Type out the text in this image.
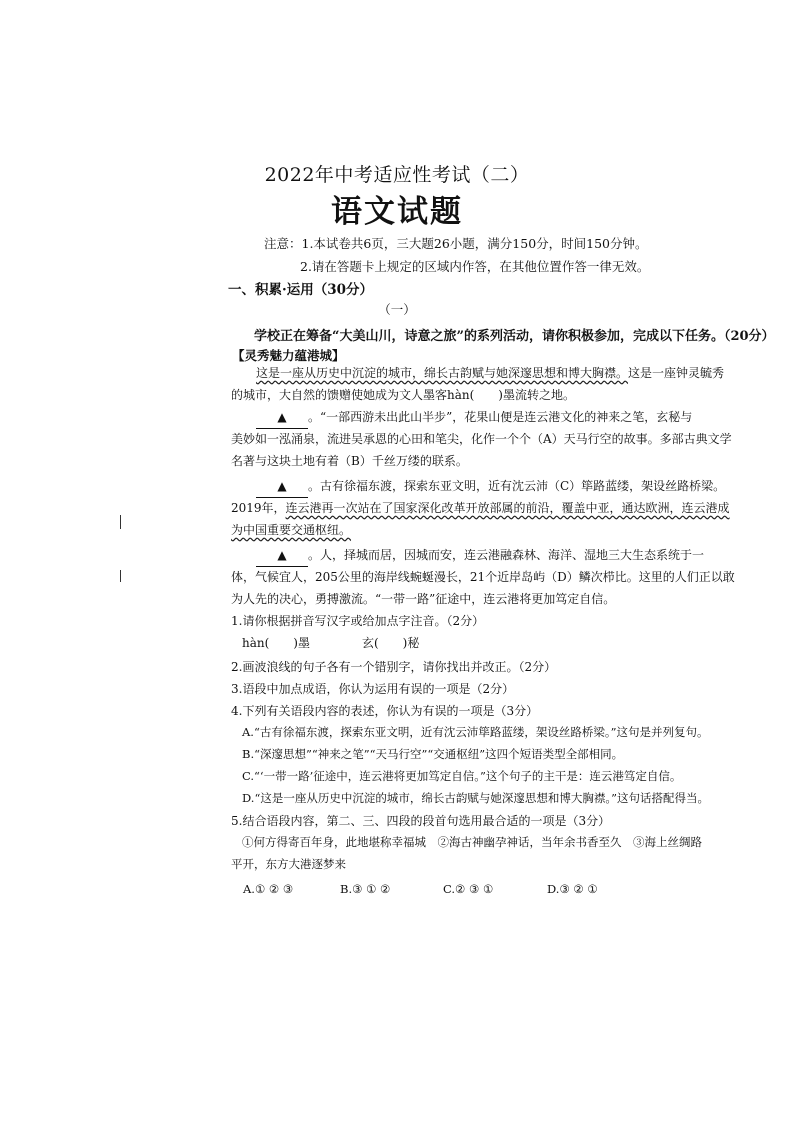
2022年中考适应性考试（二）
语文试题
注意：1.本试卷共6页，三大题26小题，满分150分，时间150分钟。
2.请在答题卡上规定的区域内作答，在其他位置作答一律无效。
一、积累·运用（30分）
（一）
学校正在筹备“大美山川，诗意之旅”的系列活动，请你积极参加，完成以下任务。（20分）
【灵秀魅力蕴港城】
这是一座从历史中沉淀的城市，绵长古韵赋与她深邃思想和博大胸襟。这是一座钟灵毓秀
的城市，大自然的馈赠使她成为文人墨客hàn(　　)墨流转之地。
▲ 。“一部西游未出此山半步”，花果山便是连云港文化的神来之笔，玄秘与
美妙如一泓涌泉，流进吴承恩的心田和笔尖，化作一个个（A）天马行空的故事。多部古典文学
名著与这块土地有着（B）千丝万缕的联系。
▲ 。古有徐福东渡，探索东亚文明，近有沈云沛（C）筚路蓝缕，架设丝路桥梁。
2019年，连云港再一次站在了国家深化改革开放部属的前沿，覆盖中亚，通达欧洲，连云港成
为中国重要交通枢纽。
▲ 。人，择城而居，因城而安，连云港融森林、海洋、湿地三大生态系统于一
体，气候宜人，205公里的海岸线蜿蜒漫长，21个近岸岛屿（D）鳞次栉比。这里的人们正以敢
为人先的决心，勇搏激流。“一带一路”征途中，连云港将更加笃定自信。
1.请你根据拼音写汉字或给加点字注音。（2分）
hàn(　　)墨	玄(　　)秘
2.画波浪线的句子各有一个错别字，请你找出并改正。（2分）
3.语段中加点成语，你认为运用有误的一项是（2分）
4.下列有关语段内容的表述，你认为有误的一项是（3分）
A.“古有徐福东渡，探索东亚文明，近有沈云沛筚路蓝缕，架设丝路桥梁。”这句是并列复句。
B.“深邃思想”“神来之笔”“天马行空”“交通枢纽”这四个短语类型全部相同。
C.“‘一带一路’征途中，连云港将更加笃定自信。”这个句子的主干是：连云港笃定自信。
D.“这是一座从历史中沉淀的城市，绵长古韵赋与她深邃思想和博大胸襟。”这句话搭配得当。
5.结合语段内容，第二、三、四段的段首句选用最合适的一项是（3分）
①何方得寄百年身，此地堪称幸福城　②海古神幽孕神话，当年余书香至久　③海上丝绸路
平开，东方大港逐梦来
A.① ② ③	B.③ ① ②	C.② ③ ①	D.③ ② ①
